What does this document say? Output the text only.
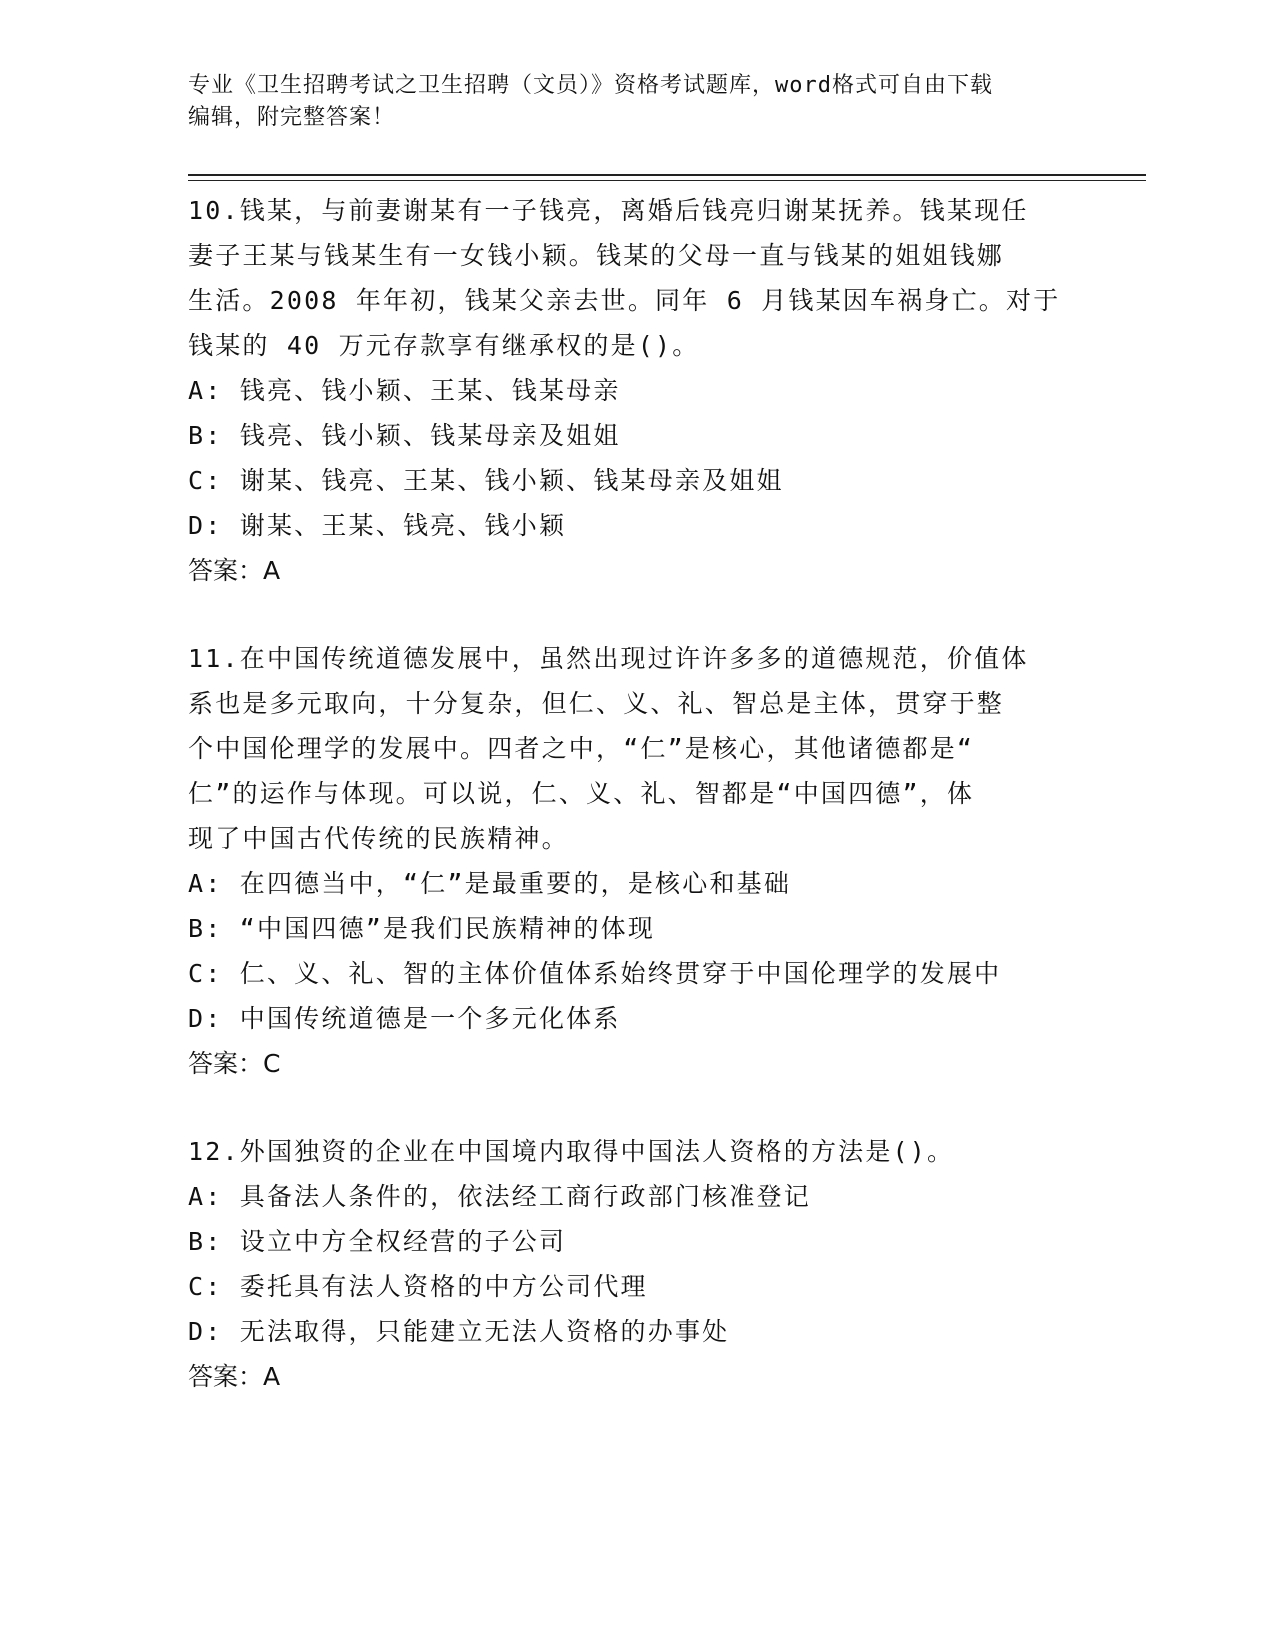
专业《卫生招聘考试之卫生招聘（文员）》资格考试题库，word格式可自由下载
编辑，附完整答案！

10.钱某，与前妻谢某有一子钱亮，离婚后钱亮归谢某抚养。钱某现任

妻子王某与钱某生有一女钱小颖。钱某的父母一直与钱某的姐姐钱娜

生活。2008 年年初，钱某父亲去世。同年 6 月钱某因车祸身亡。对于

钱某的 40 万元存款享有继承权的是()。

A: 钱亮、钱小颖、王某、钱某母亲

B: 钱亮、钱小颖、钱某母亲及姐姐

C: 谢某、钱亮、王某、钱小颖、钱某母亲及姐姐

D: 谢某、王某、钱亮、钱小颖

答案：A

11.在中国传统道德发展中，虽然出现过许许多多的道德规范，价值体

系也是多元取向，十分复杂，但仁、义、礼、智总是主体，贯穿于整

个中国伦理学的发展中。四者之中，“仁”是核心，其他诸德都是“

仁”的运作与体现。可以说，仁、义、礼、智都是“中国四德”，体

现了中国古代传统的民族精神。

A: 在四德当中，“仁”是最重要的，是核心和基础

B: “中国四德”是我们民族精神的体现

C: 仁、义、礼、智的主体价值体系始终贯穿于中国伦理学的发展中

D: 中国传统道德是一个多元化体系

答案：C

12.外国独资的企业在中国境内取得中国法人资格的方法是()。

A: 具备法人条件的，依法经工商行政部门核准登记

B: 设立中方全权经营的子公司

C: 委托具有法人资格的中方公司代理

D: 无法取得，只能建立无法人资格的办事处

答案：A
